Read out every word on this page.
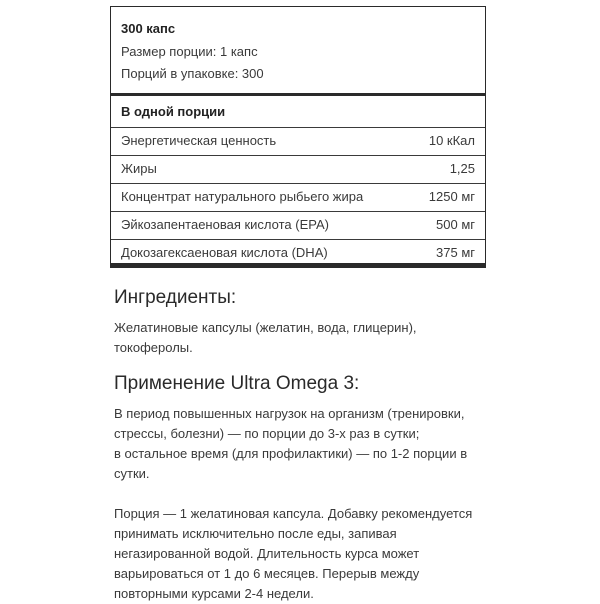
300 капс
Размер порции: 1 капс
Порций в упаковке: 300
В одной порции
Энергетическая ценность	10 кКал
Жиры	1,25
Концентрат натурального рыбьего жира	1250 мг
Эйкозапентаеновая кислота (EPA)	500 мг
Докозагексаеновая кислота (DHA)	375 мг
Ингредиенты:
Желатиновые капсулы (желатин, вода, глицерин),
токоферолы.
Применение Ultra Omega 3:
В период повышенных нагрузок на организм (тренировки,
стрессы, болезни) — по порции до 3-х раз в сутки;
в остальное время (для профилактики) — по 1-2 порции в
сутки.
Порция — 1 желатиновая капсула. Добавку рекомендуется
принимать исключительно после еды, запивая
негазированной водой. Длительность курса может
варьироваться от 1 до 6 месяцев. Перерыв между
повторными курсами 2-4 недели.
